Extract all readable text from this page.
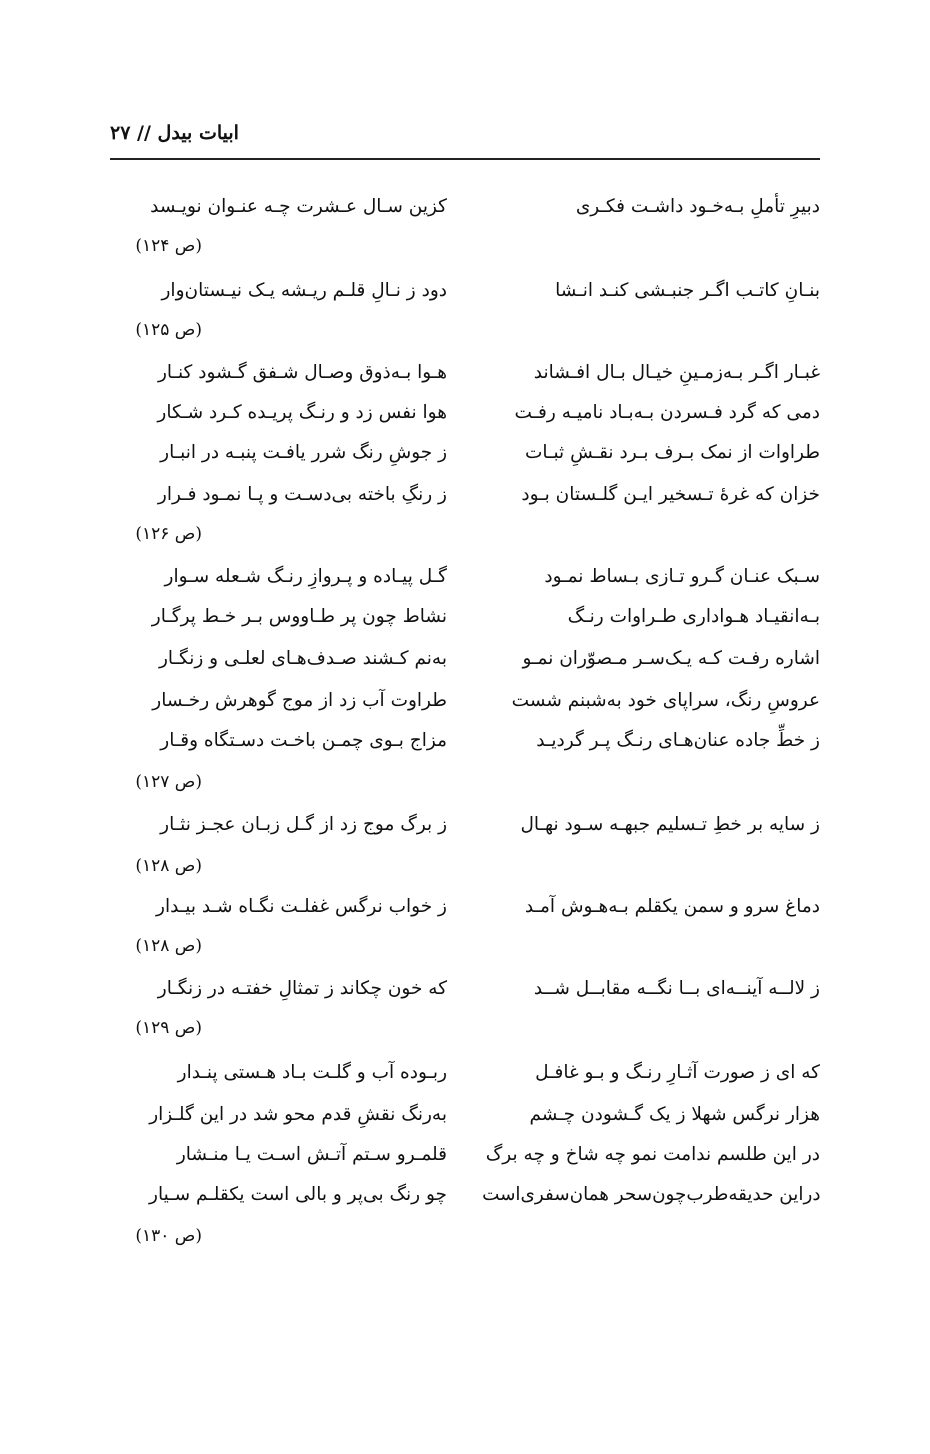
ابیات بیدل // ۲۷
دبیرِ تأملِ بـه‌خـود داشـت فکـری
کزین سـال عـشرت چـه عنـوان نویـسد
(ص ۱۲۴)
بنـانِ کاتـب اگـر جنبـشی کنـد انـشا
دود ز نـالِ قلـم ریـشه یـک نیـستان‌وار
(ص ۱۲۵)
غبـار اگـر بـه‌زمـینِ خیـال بـال افـشاند
هـوا بـه‌ذوق وصـال شـفق گـشود کنـار
دمی که گرد فـسردن بـه‌بـاد نامیـه رفـت
هوا نفس زد و رنـگ پریـده کـرد شـکار
طراوات از نمک بـرف بـرد نقـشِ ثبـات
ز جوشِ رنگ شرر یافـت پنبـه در انبـار
خزان که غرهٔ تـسخیر ایـن گلـستان بـود
ز رنگِ باخته بی‌دسـت و پـا نمـود فـرار
(ص ۱۲۶)
سـبک عنـان گـرو تـازی بـساط نمـود
گـل پیـاده و پـروازِ رنـگ شـعله سـوار
بـه‌انقیـاد هـواداری طـراوات رنـگ
نشاط چون پر طـاووس بـر خـط پرگـار
اشاره رفـت کـه یـک‌سـر مـصوّران نمـو
به‌نم کـشند صـدف‌هـای لعلـی و زنگـار
عروسِ رنگ، سراپای خود به‌شبنم شست
طراوت آب زد از موج گوهرش رخـسار
ز خطِّ جاده عنان‌هـای رنـگ پـر گردیـد
مزاج بـوی چمـن باخـت دسـتگاه وقـار
(ص ۱۲۷)
ز سایه بر خطِ تـسلیم جبهـه سـود نهـال
ز برگ موج زد از گـل زبـان عجـز نثـار
(ص ۱۲۸)
دماغ سرو و سمن یکقلم بـه‌هـوش آمـد
ز خواب نرگس غفلـت نگـاه شـد بیـدار
(ص ۱۲۸)
ز لالــه آینــه‌ای بــا نگــه مقابــل شــد
که خون چکاند ز تمثالِ خفتـه در زنگـار
(ص ۱۲۹)
که ای ز صورت آثـارِ رنـگ و بـو غافـل
ربـوده آب و گلـت بـاد هـستی پنـدار
هزار نرگس شهلا ز یک گـشودن چـشم
به‌رنگ نقشِ قدم محو شد در این گلـزار
در این طلسم ندامت نمو چه شاخ و چه برگ
قلمـرو سـتم آتـش اسـت یـا منـشار
دراین حدیقه‌طرب‌چون‌سحر همان‌سفری‌است
چو رنگ بی‌پر و بالی است یکقلـم سـیار
(ص ۱۳۰)
